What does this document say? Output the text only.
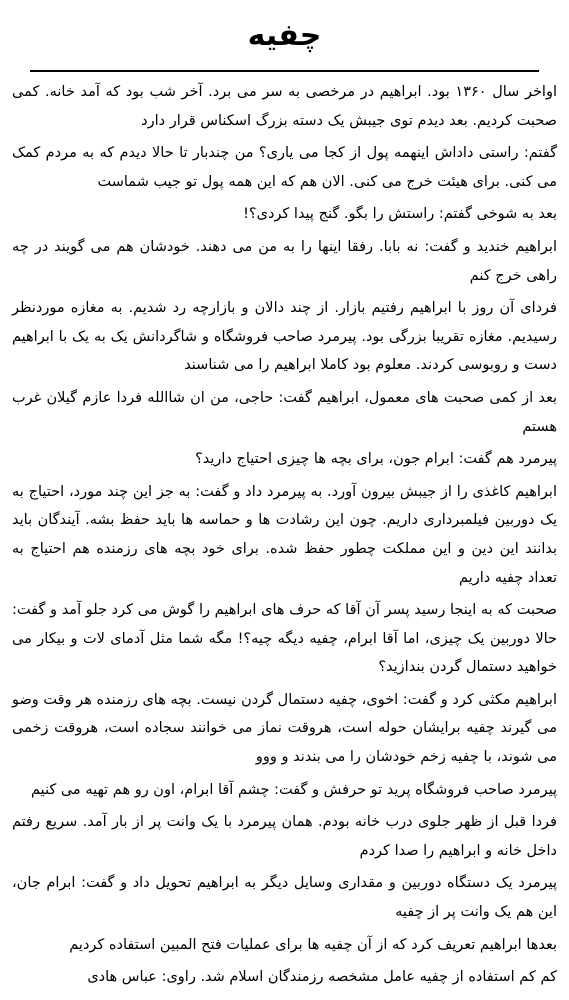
چفیه

اواخر سال ۱۳۶۰ بود. ابراهیم در مرخصی به سر می برد. آخر شب بود که آمد خانه. کمی صحبت کردیم. بعد دیدم توی جیبش یک دسته بزرگ اسکناس قرار دارد

گفتم: راستی داداش اینهمه پول از کجا می یاری؟ من چندبار تا حالا دیدم که به مردم کمک می کنی. برای هیئت خرج می کنی. الان هم که این همه پول تو جیب شماست

بعد به شوخی گفتم: راستش را بگو. گنج پیدا کردی؟!

ابراهیم خندید و گفت: نه بابا. رفقا اینها را به من می دهند. خودشان هم می گویند در چه راهی خرج کنم

فردای آن روز با ابراهیم رفتیم بازار. از چند دالان و بازارچه رد شدیم. به مغازه موردنظر رسیدیم. مغازه تقریبا بزرگی بود. پیرمرد صاحب فروشگاه و شاگردانش یک به یک با ابراهیم دست و روبوسی کردند. معلوم بود کاملا ابراهیم را می شناسند

بعد از کمی صحبت های معمول، ابراهیم گفت: حاجی، من ان شاالله فردا عازم گیلان غرب هستم

پیرمرد هم گفت: ابرام جون، برای بچه ها چیزی احتیاج دارید؟

ابراهیم کاغذی را از جیبش بیرون آورد. به پیرمرد داد و گفت: به جز این چند مورد، احتیاج به یک دوربین فیلمبرداری داریم. چون این رشادت ها و حماسه ها باید حفظ بشه. آیندگان باید بدانند این دین و این مملکت چطور حفظ شده. برای خود بچه های رزمنده هم احتیاج به تعداد چفیه داریم

صحبت که به اینجا رسید پسر آن آقا که حرف های ابراهیم را گوش می کرد جلو آمد و گفت: حالا دوربین یک چیزی، اما آقا ابرام، چفیه دیگه چیه؟! مگه شما مثل آدمای لات و بیکار می خواهید دستمال گردن بندازید؟

ابراهیم مکثی کرد و گفت: اخوی، چفیه دستمال گردن نیست. بچه های رزمنده هر وقت وضو می گیرند چفیه برایشان حوله است، هروقت نماز می خوانند سجاده است، هروقت زخمی می شوند، با چفیه زخم خودشان را می بندند و ووو

پیرمرد صاحب فروشگاه پرید تو حرفش و گفت: چشم آقا ابرام، اون رو هم تهیه می کنیم

فردا قبل از ظهر جلوی درب خانه بودم. همان پیرمرد با یک وانت پر از بار آمد. سریع رفتم داخل خانه و ابراهیم را صدا کردم

پیرمرد یک دستگاه دوربین و مقداری وسایل دیگر به ابراهیم تحویل داد و گفت: ابرام جان، این هم یک وانت پر از چفیه

بعدها ابراهیم تعریف کرد که از آن چفیه ها برای عملیات فتح المبین استفاده کردیم

کم کم استفاده از چفیه عامل مشخصه رزمندگان اسلام شد. راوی: عباس هادی
